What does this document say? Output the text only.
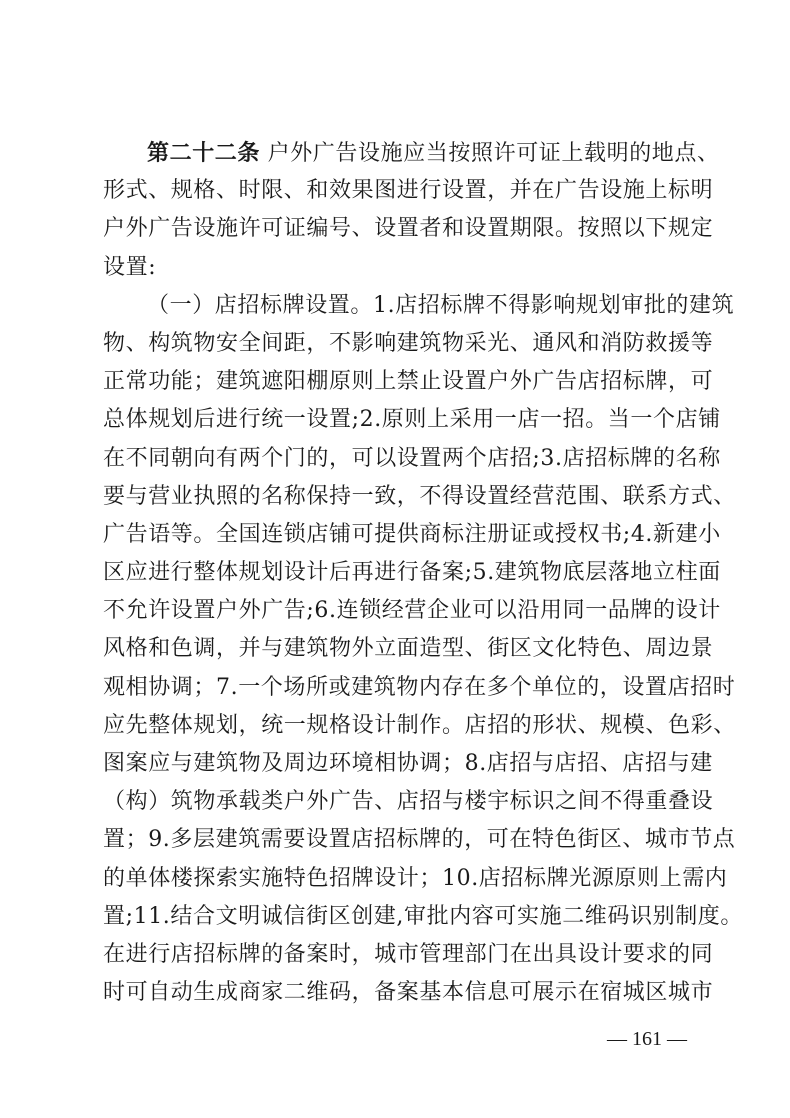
第二十二条 户外广告设施应当按照许可证上载明的地点、
形式、规格、时限、和效果图进行设置，并在广告设施上标明
户外广告设施许可证编号、设置者和设置期限。按照以下规定
设置:
（一）店招标牌设置。1.店招标牌不得影响规划审批的建筑
物、构筑物安全间距，不影响建筑物采光、通风和消防救援等
正常功能；建筑遮阳棚原则上禁止设置户外广告店招标牌，可
总体规划后进行统一设置;2.原则上采用一店一招。当一个店铺
在不同朝向有两个门的，可以设置两个店招;3.店招标牌的名称
要与营业执照的名称保持一致，不得设置经营范围、联系方式、
广告语等。全国连锁店铺可提供商标注册证或授权书;4.新建小
区应进行整体规划设计后再进行备案;5.建筑物底层落地立柱面
不允许设置户外广告;6.连锁经营企业可以沿用同一品牌的设计
风格和色调，并与建筑物外立面造型、街区文化特色、周边景
观相协调；7.一个场所或建筑物内存在多个单位的，设置店招时
应先整体规划，统一规格设计制作。店招的形状、规模、色彩、
图案应与建筑物及周边环境相协调；8.店招与店招、店招与建
（构）筑物承载类户外广告、店招与楼宇标识之间不得重叠设
置；9.多层建筑需要设置店招标牌的，可在特色街区、城市节点
的单体楼探索实施特色招牌设计；10.店招标牌光源原则上需内
置;11.结合文明诚信街区创建,审批内容可实施二维码识别制度。
在进行店招标牌的备案时，城市管理部门在出具设计要求的同
时可自动生成商家二维码，备案基本信息可展示在宿城区城市
— 161 —
